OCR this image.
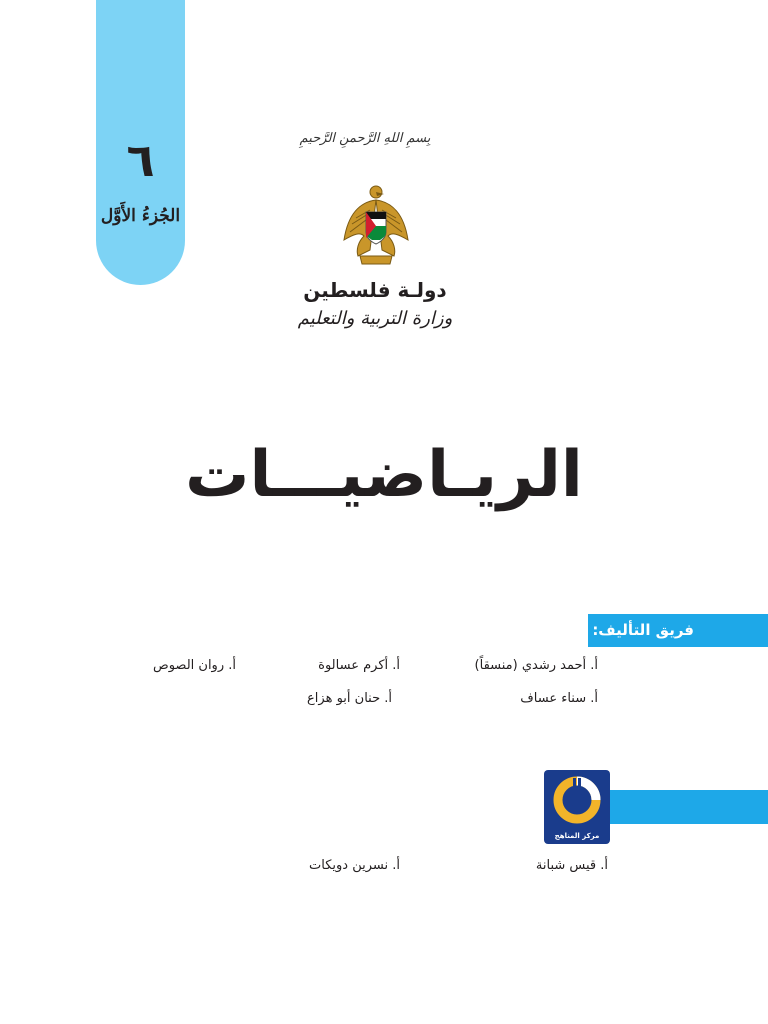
٦
الجُزءُ الأَوَّل
بِسمِ اللهِ الرَّحمنِ الرَّحيمِ
دولـة فلسطين
وزارة التربية والتعليم
الريـاضيـــات
فريق التأليف:
أ. أحمد رشدي (منسقاً)
أ. أكرم عسالوة
أ. روان الصوص
أ. سناء عساف
أ. حنان أبو هزاع
مركز المناهج
أ. قيس شبانة
أ. نسرين دويكات
